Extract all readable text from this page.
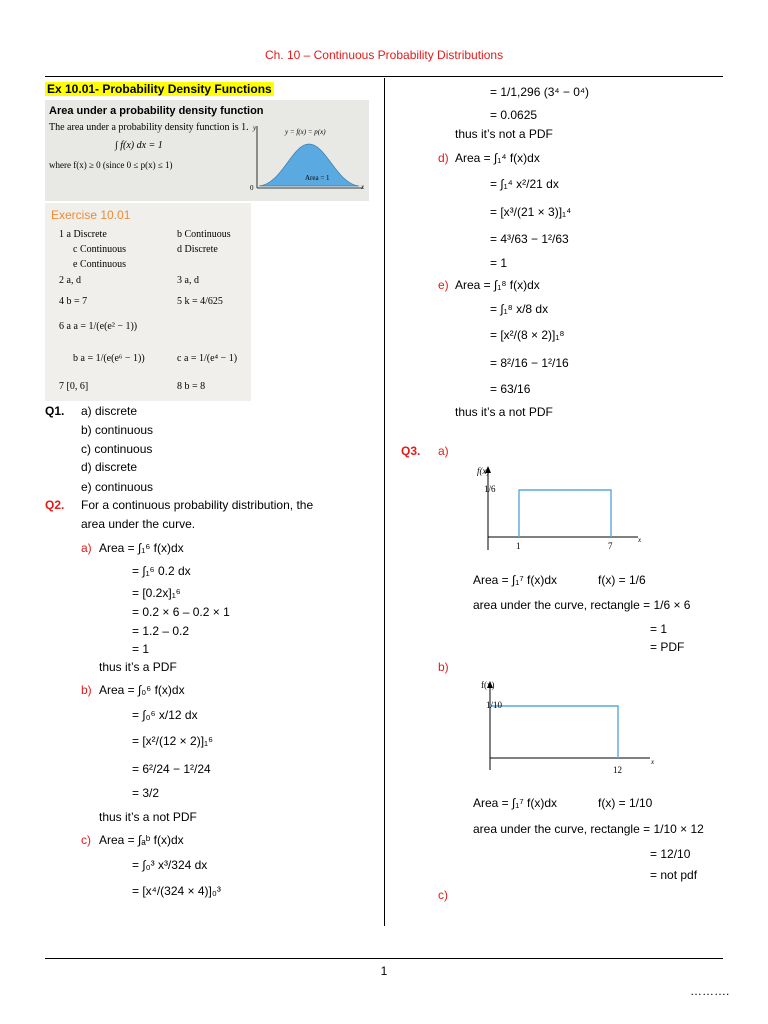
Ch. 10 – Continuous Probability Distributions
Ex 10.01- Probability Density Functions
Area under a probability density function
The area under a probability density function is 1.
∫ f(x) dx = 1
where f(x) ≥ 0 (since 0 ≤ p(x) ≤ 1)
y = f(x) = p(x)
Area = 1
y
x
0
Exercise 10.01
1 a Discrete	b Continuous
c Continuous	d Discrete
e Continuous
2 a, d	3 a, d
4 b = 7	5 k = 4/625
6 a a = 1/(e(e² − 1))
b a = 1/(e(e⁶ − 1))	c a = 1/(e⁴ − 1)
7 [0, 6]	8 b = 8
Q1. a) discrete
b) continuous
c) continuous
d) discrete
e) continuous
Q2. For a continuous probability distribution, the
area under the curve.
a) Area = ∫₁⁶ f(x)dx
= ∫₁⁶ 0.2 dx
= [0.2x]₁⁶
= 0.2 × 6 – 0.2 × 1
= 1.2 – 0.2
= 1
thus it’s a PDF
b) Area = ∫₀⁶ f(x)dx
= ∫₀⁶ x/12 dx
= [x²/(12 × 2)]₁⁶
= 6²/24 − 1²/24
= 3/2
thus it’s a not PDF
c) Area = ∫ₐᵇ f(x)dx
= ∫₀³ x³/324 dx
= [x⁴/(324 × 4)]₀³
= 1/1,296 (3⁴ − 0⁴)
= 0.0625
thus it’s not a PDF
d) Area = ∫₁⁴ f(x)dx
= ∫₁⁴ x²/21 dx
= [x³/(21 × 3)]₁⁴
= 4³/63 − 1²/63
= 1
e) Area = ∫₁⁸ f(x)dx
= ∫₁⁸ x/8 dx
= [x²/(8 × 2)]₁⁸
= 8²/16 − 1²/16
= 63/16
thus it’s a not PDF
Q3. a)
f(x)
1/6
1	7
x
Area = ∫₁⁷ f(x)dx	f(x) = 1/6
area under the curve, rectangle = 1/6 × 6
= 1
= PDF
b)
f(x)
1/10
12
x
Area = ∫₁⁷ f(x)dx	f(x) = 1/10
area under the curve, rectangle = 1/10 × 12
= 12/10
= not pdf
c)
1
……….
